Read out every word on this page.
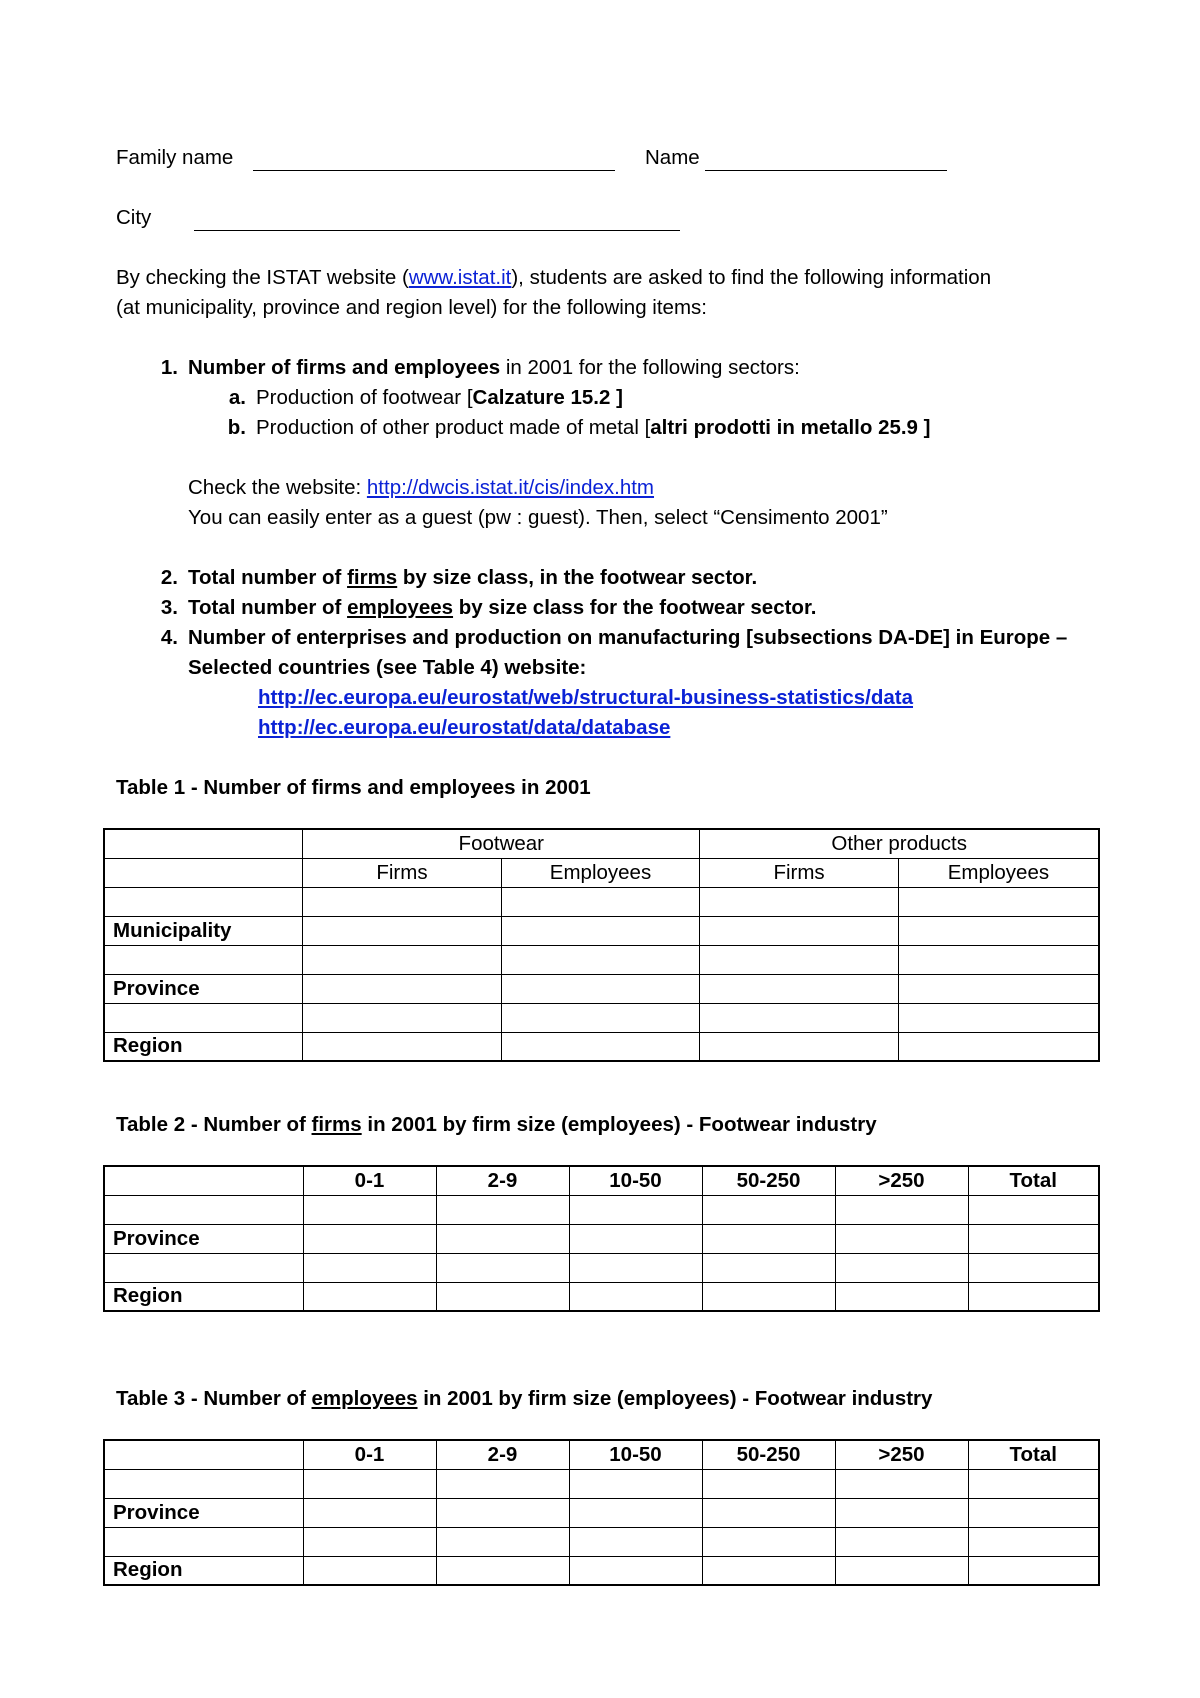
Family name	Name
City
By checking the ISTAT website (www.istat.it), students are asked to find the following information
(at municipality, province and region level) for the following items:
1. Number of firms and employees in 2001 for the following sectors:
a. Production of footwear [Calzature 15.2 ]
b. Production of other product made of metal [altri prodotti in metallo 25.9 ]
Check the website: http://dwcis.istat.it/cis/index.htm
You can easily enter as a guest (pw : guest). Then, select “Censimento 2001”
2. Total number of firms by size class, in the footwear sector.
3. Total number of employees by size class for the footwear sector.
4. Number of enterprises and production on manufacturing [subsections DA-DE] in Europe –
Selected countries (see Table 4) website:
http://ec.europa.eu/eurostat/web/structural-business-statistics/data
http://ec.europa.eu/eurostat/data/database
Table 1 - Number of firms and employees in 2001
	Footwear		Other products	
	Firms	Employees	Firms	Employees

Municipality				

Province				

Region				
Table 2 - Number of firms in 2001 by firm size (employees) - Footwear industry
	0-1	2-9	10-50	50-250	>250	Total

Province						

Region						
Table 3 - Number of employees in 2001 by firm size (employees) - Footwear industry
	0-1	2-9	10-50	50-250	>250	Total

Province						

Region						
